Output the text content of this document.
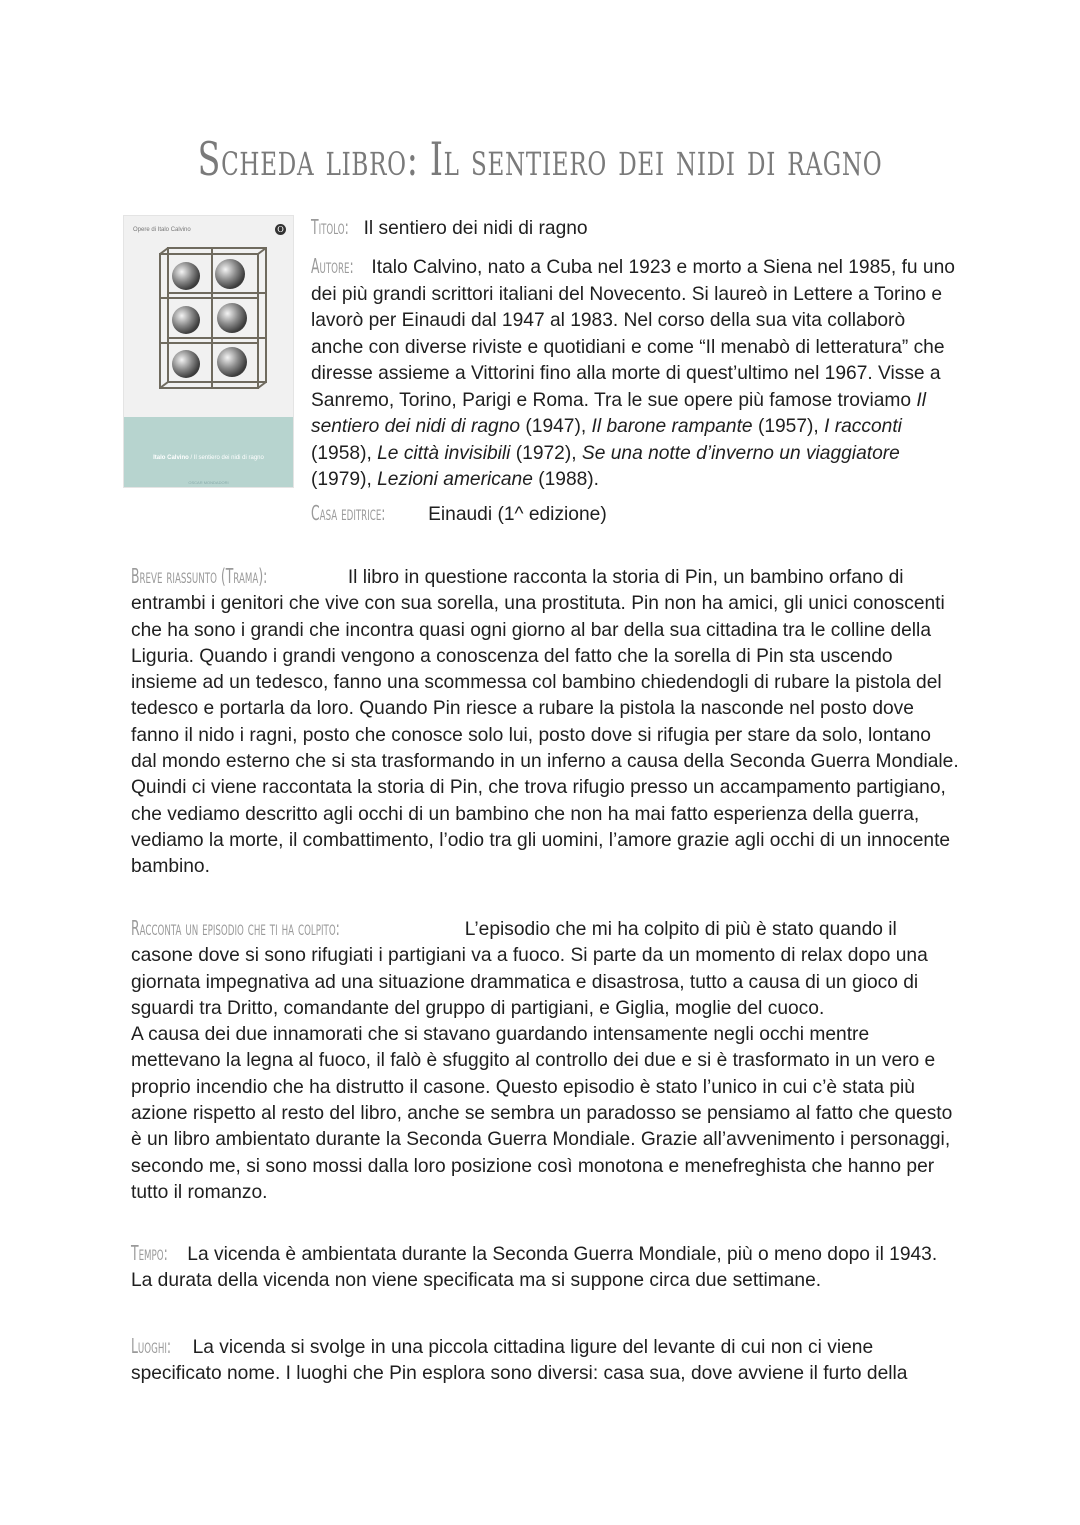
Scheda libro: Il sentiero dei nidi di ragno
Opere di Italo Calvino	O
Italo Calvino / Il sentiero dei nidi di ragno
OSCAR MONDADORI
Titolo: Il sentiero dei nidi di ragno

Autore: Italo Calvino, nato a Cuba nel 1923 e morto a Siena nel 1985, fu uno dei più grandi scrittori italiani del Novecento. Si laureò in Lettere a Torino e lavorò per Einaudi dal 1947 al 1983. Nel corso della sua vita collaborò anche con diverse riviste e quotidiani e come “Il menabò di letteratura” che diresse assieme a Vittorini fino alla morte di quest’ultimo nel 1967. Visse a Sanremo, Torino, Parigi e Roma. Tra le sue opere più famose troviamo Il sentiero dei nidi di ragno (1947), Il barone rampante (1957), I racconti (1958), Le città invisibili (1972), Se una notte d’inverno un viaggiatore (1979), Lezioni americane (1988).

Casa editrice: Einaudi (1^ edizione)

Breve riassunto (Trama):	Il libro in questione racconta la storia di Pin, un bambino orfano di entrambi i genitori che vive con sua sorella, una prostituta. Pin non ha amici, gli unici conoscenti che ha sono i grandi che incontra quasi ogni giorno al bar della sua cittadina tra le colline della Liguria. Quando i grandi vengono a conoscenza del fatto che la sorella di Pin sta uscendo insieme ad un tedesco, fanno una scommessa col bambino chiedendogli di rubare la pistola del tedesco e portarla da loro. Quando Pin riesce a rubare la pistola la nasconde nel posto dove fanno il nido i ragni, posto che conosce solo lui, posto dove si rifugia per stare da solo, lontano dal mondo esterno che si sta trasformando in un inferno a causa della Seconda Guerra Mondiale. Quindi ci viene raccontata la storia di Pin, che trova rifugio presso un accampamento partigiano, che vediamo descritto agli occhi di un bambino che non ha mai fatto esperienza della guerra, vediamo la morte, il combattimento, l’odio tra gli uomini, l’amore grazie agli occhi di un innocente bambino.

Racconta un episodio che ti ha colpito:	L’episodio che mi ha colpito di più è stato quando il casone dove si sono rifugiati i partigiani va a fuoco. Si parte da un momento di relax dopo una giornata impegnativa ad una situazione drammatica e disastrosa, tutto a causa di un gioco di sguardi tra Dritto, comandante del gruppo di partigiani, e Giglia, moglie del cuoco.

A causa dei due innamorati che si stavano guardando intensamente negli occhi mentre mettevano la legna al fuoco, il falò è sfuggito al controllo dei due e si è trasformato in un vero e proprio incendio che ha distrutto il casone. Questo episodio è stato l’unico in cui c’è stata più azione rispetto al resto del libro, anche se sembra un paradosso se pensiamo al fatto che questo è un libro ambientato durante la Seconda Guerra Mondiale. Grazie all’avvenimento i personaggi, secondo me, si sono mossi dalla loro posizione così monotona e menefreghista che hanno per tutto il romanzo.

Tempo: La vicenda è ambientata durante la Seconda Guerra Mondiale, più o meno dopo il 1943. La durata della vicenda non viene specificata ma si suppone circa due settimane.

Luoghi: La vicenda si svolge in una piccola cittadina ligure del levante di cui non ci viene specificato nome. I luoghi che Pin esplora sono diversi: casa sua, dove avviene il furto della
